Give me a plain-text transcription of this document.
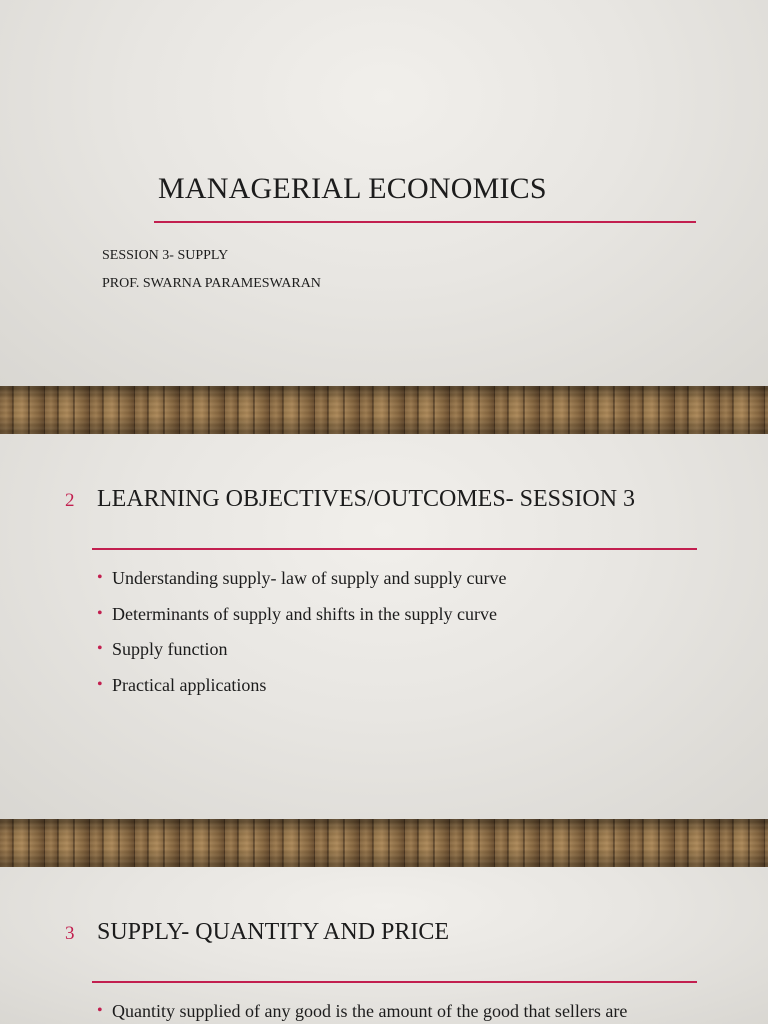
MANAGERIAL ECONOMICS
SESSION 3- SUPPLY
PROF. SWARNA PARAMESWARAN
2 LEARNING OBJECTIVES/OUTCOMES- SESSION 3
• Understanding supply- law of supply and supply curve
• Determinants of supply and shifts in the supply curve
• Supply function
• Practical applications
3 SUPPLY- QUANTITY AND PRICE
• Quantity supplied of any good is the amount of the good that sellers are
